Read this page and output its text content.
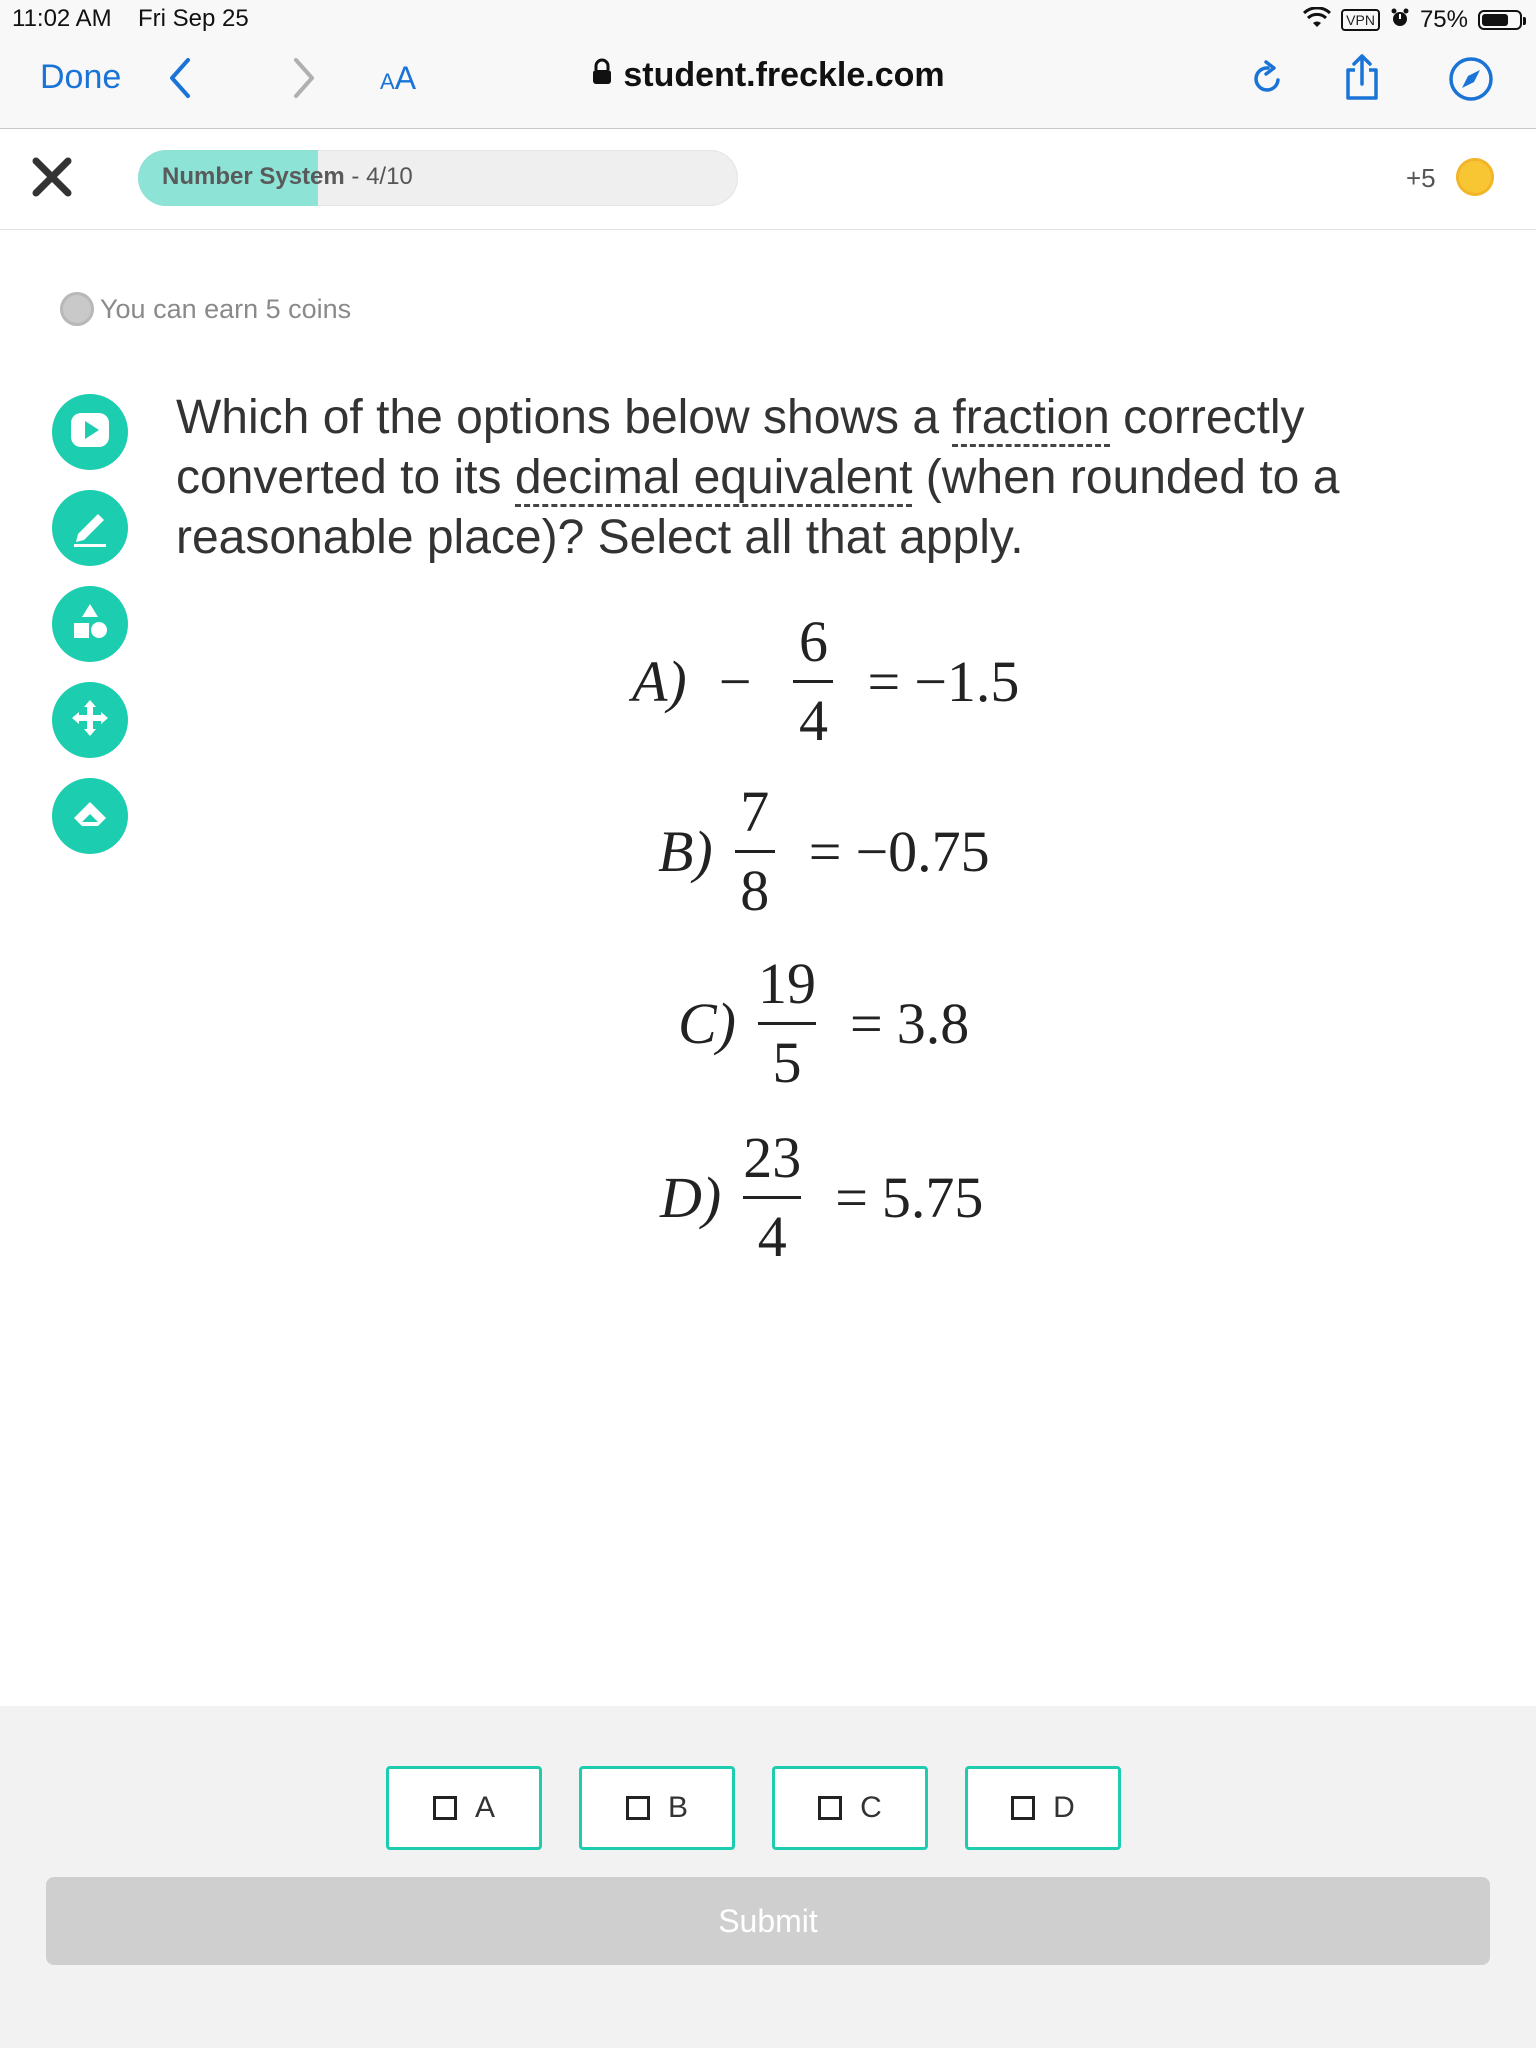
11:02 AM Fri Sep 25	VPN 75%
Done	AA	student.freckle.com
Number System - 4/10	+5
You can earn 5 coins
Which of the options below shows a fraction correctly converted to its decimal equivalent (when rounded to a reasonable place)? Select all that apply.
$A) - \frac{6}{4} = -1.5$
$B) \frac{7}{8} = -0.75$
$C) \frac{19}{5} = 3.8$
$D) \frac{23}{4} = 5.75$
A	B	C	D
Submit
